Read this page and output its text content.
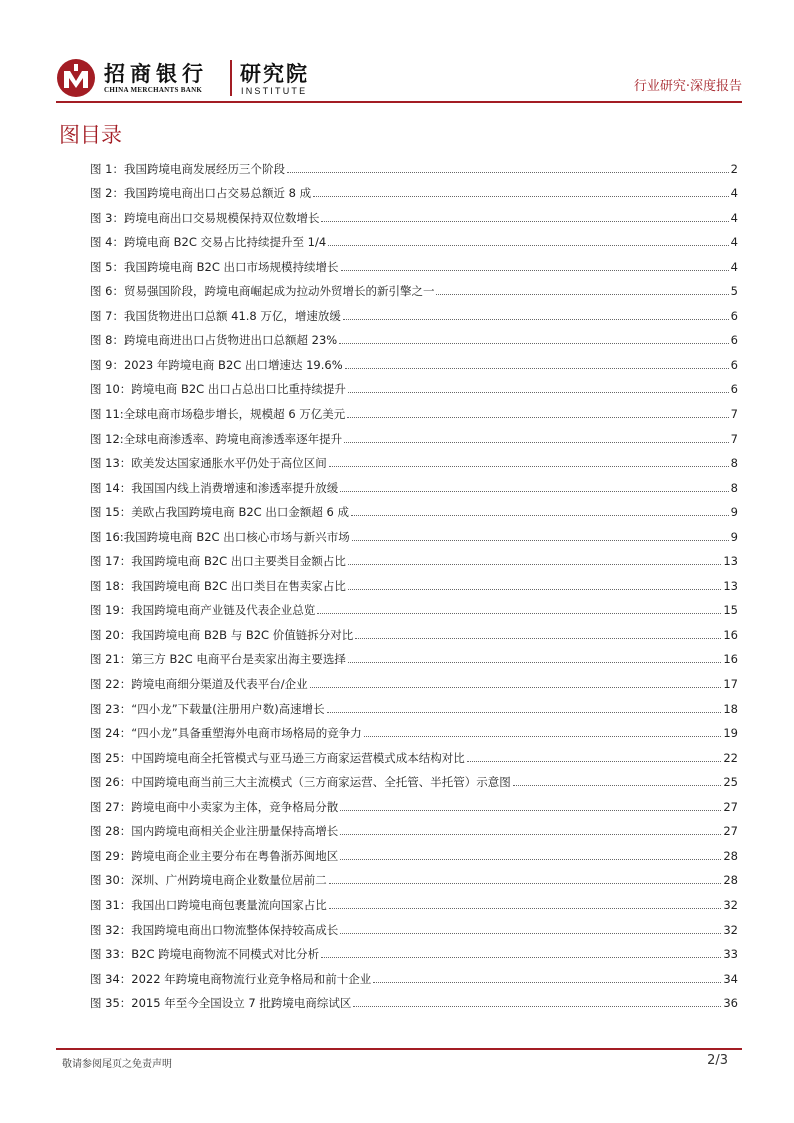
招商银行
CHINA MERCHANTS BANK
研究院
INSTITUTE	行业研究·深度报告
图目录
图 1：我国跨境电商发展经历三个阶段	2
图 2：我国跨境电商出口占交易总额近 8 成	4
图 3：跨境电商出口交易规模保持双位数增长	4
图 4：跨境电商 B2C 交易占比持续提升至 1/4	4
图 5：我国跨境电商 B2C 出口市场规模持续增长	4
图 6：贸易强国阶段，跨境电商崛起成为拉动外贸增长的新引擎之一	5
图 7：我国货物进出口总额 41.8 万亿，增速放缓	6
图 8：跨境电商进出口占货物进出口总额超 23%	6
图 9：2023 年跨境电商 B2C 出口增速达 19.6%	6
图 10：跨境电商 B2C 出口占总出口比重持续提升	6
图 11:全球电商市场稳步增长，规模超 6 万亿美元	7
图 12:全球电商渗透率、跨境电商渗透率逐年提升	7
图 13：欧美发达国家通胀水平仍处于高位区间	8
图 14：我国国内线上消费增速和渗透率提升放缓	8
图 15：美欧占我国跨境电商 B2C 出口金额超 6 成	9
图 16:我国跨境电商 B2C 出口核心市场与新兴市场	9
图 17：我国跨境电商 B2C 出口主要类目金额占比	13
图 18：我国跨境电商 B2C 出口类目在售卖家占比	13
图 19：我国跨境电商产业链及代表企业总览	15
图 20：我国跨境电商 B2B 与 B2C 价值链拆分对比	16
图 21：第三方 B2C 电商平台是卖家出海主要选择	16
图 22：跨境电商细分渠道及代表平台/企业	17
图 23：“四小龙”下载量(注册用户数)高速增长	18
图 24：“四小龙”具备重塑海外电商市场格局的竞争力	19
图 25：中国跨境电商全托管模式与亚马逊三方商家运营模式成本结构对比	22
图 26：中国跨境电商当前三大主流模式（三方商家运营、全托管、半托管）示意图	25
图 27：跨境电商中小卖家为主体，竞争格局分散	27
图 28：国内跨境电商相关企业注册量保持高增长	27
图 29：跨境电商企业主要分布在粤鲁浙苏闽地区	28
图 30：深圳、广州跨境电商企业数量位居前二	28
图 31：我国出口跨境电商包裹量流向国家占比	32
图 32：我国跨境电商出口物流整体保持较高成长	32
图 33：B2C 跨境电商物流不同模式对比分析	33
图 34：2022 年跨境电商物流行业竞争格局和前十企业	34
图 35：2015 年至今全国设立 7 批跨境电商综试区	36
敬请参阅尾页之免责声明	2/3
